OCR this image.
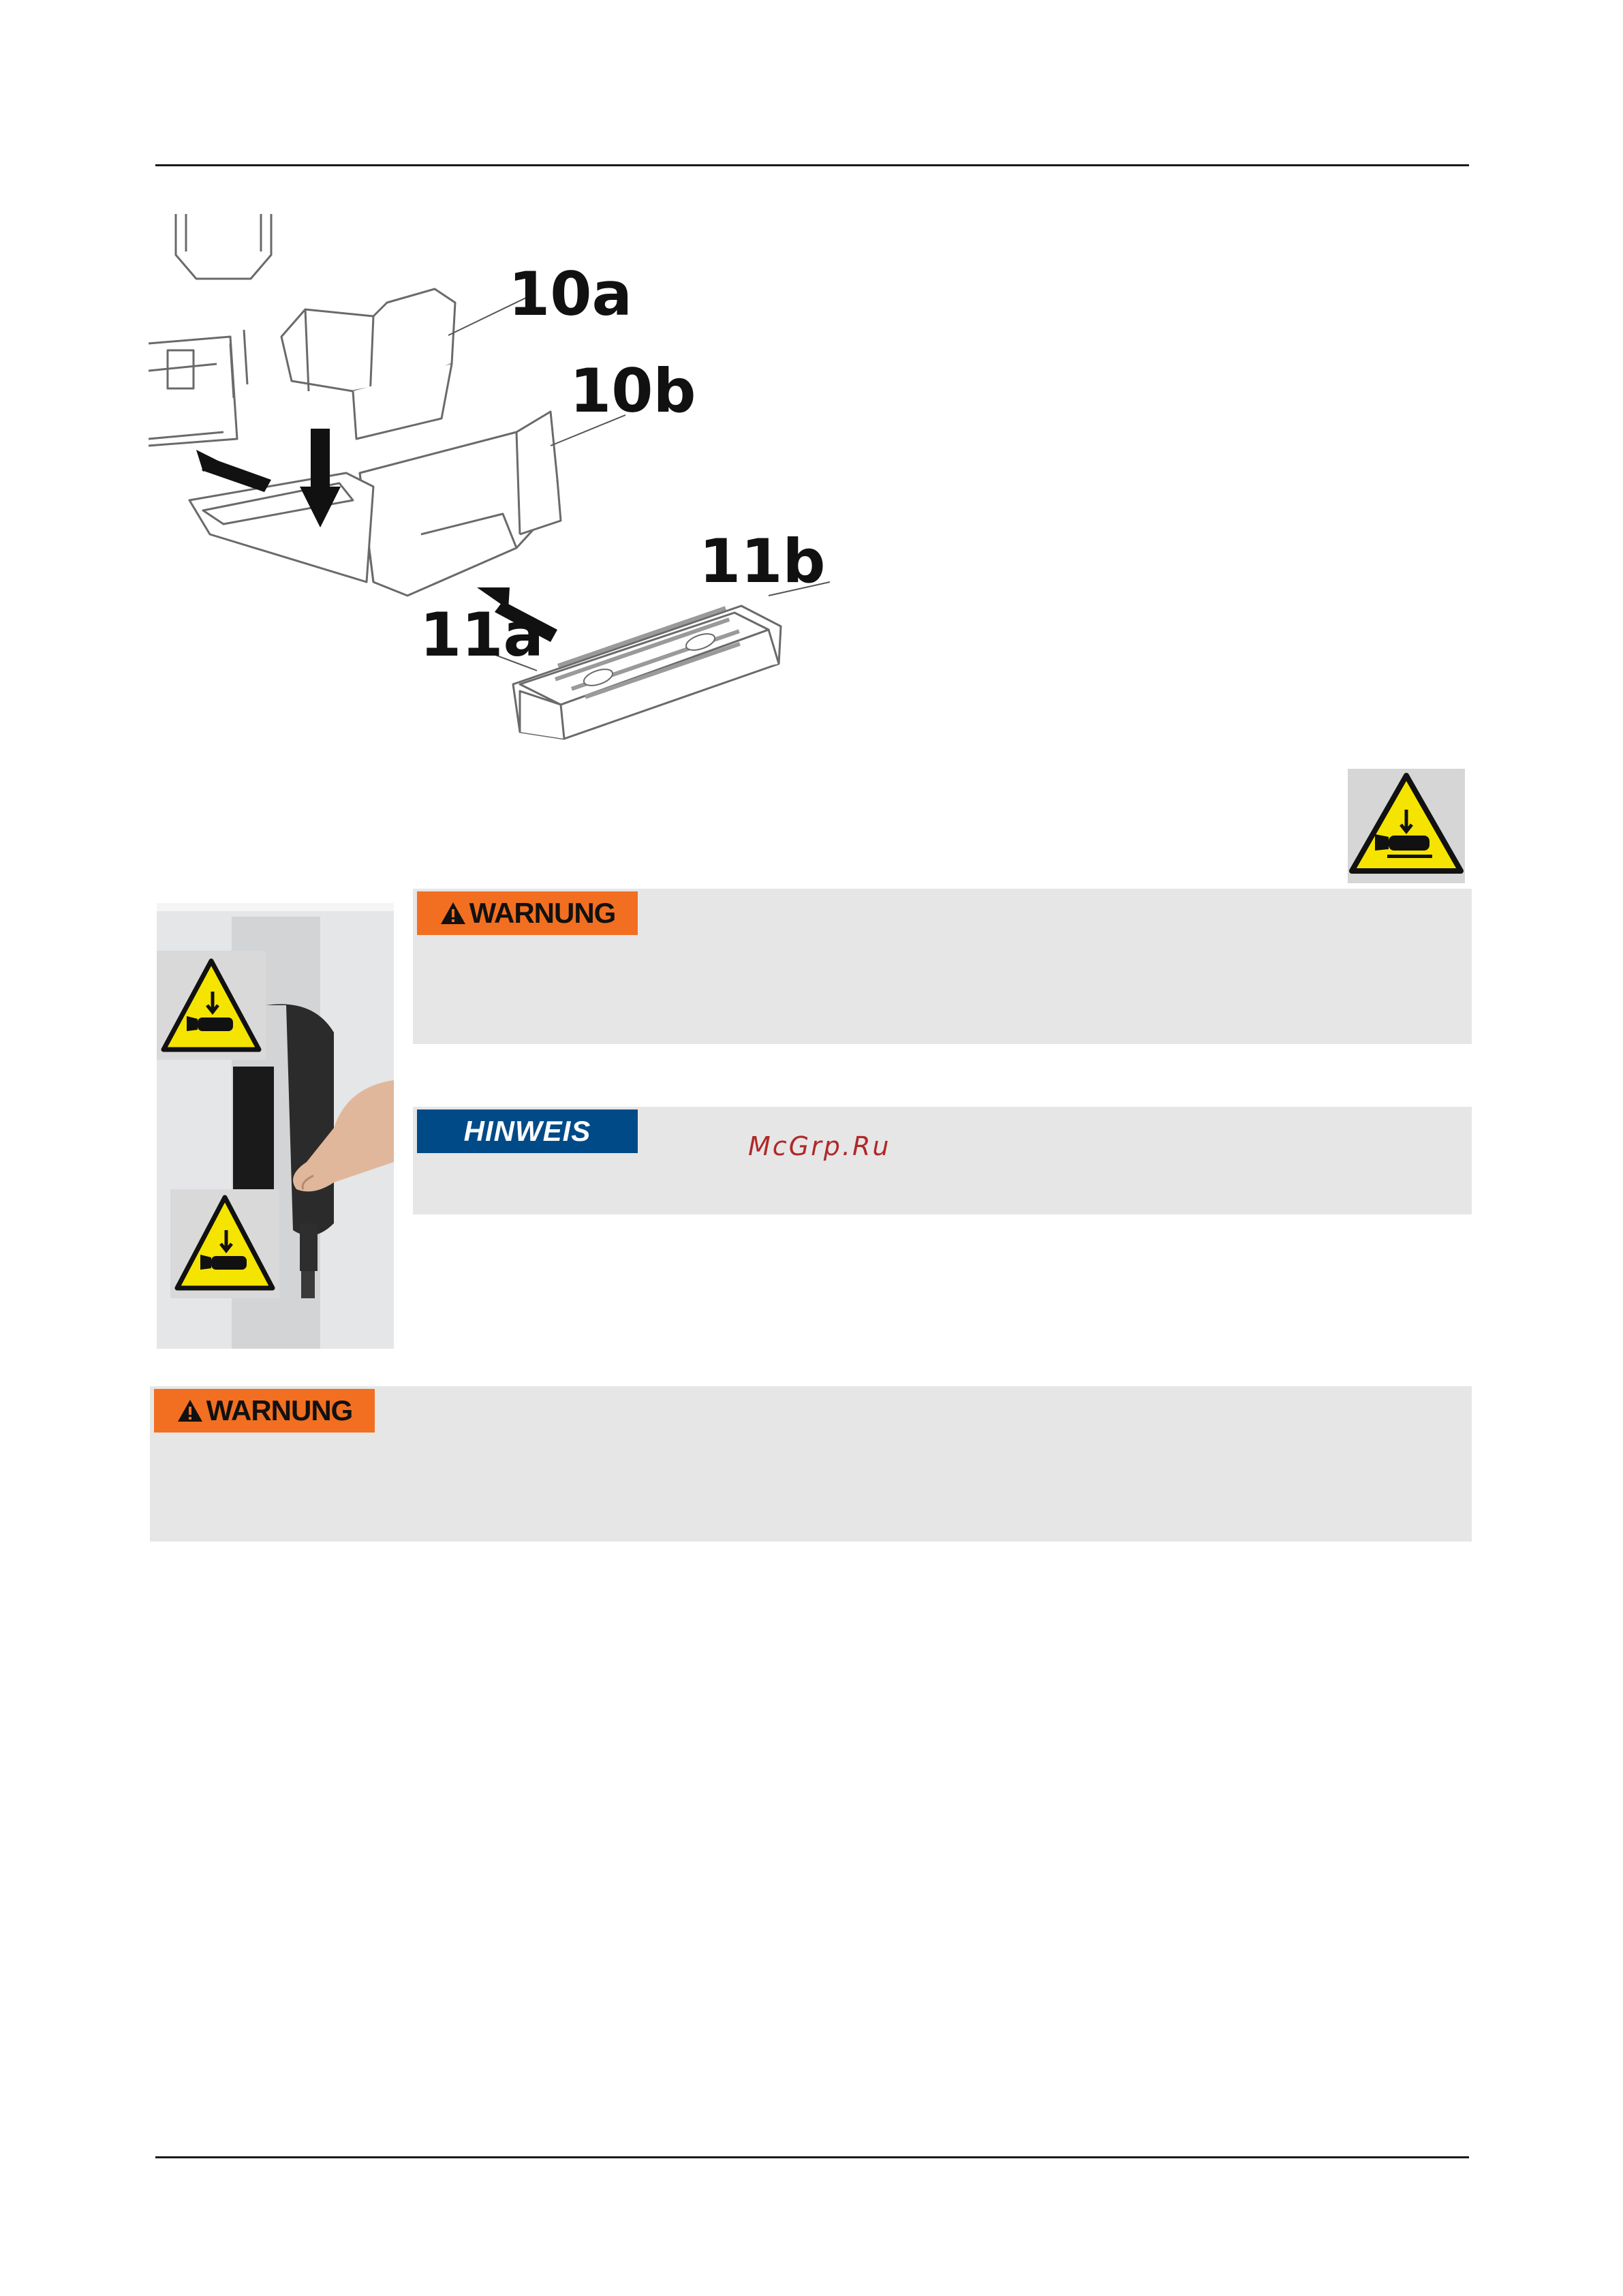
10a
10b
11b
11a
WARNUNG
HINWEIS	McGrp.Ru
WARNUNG
